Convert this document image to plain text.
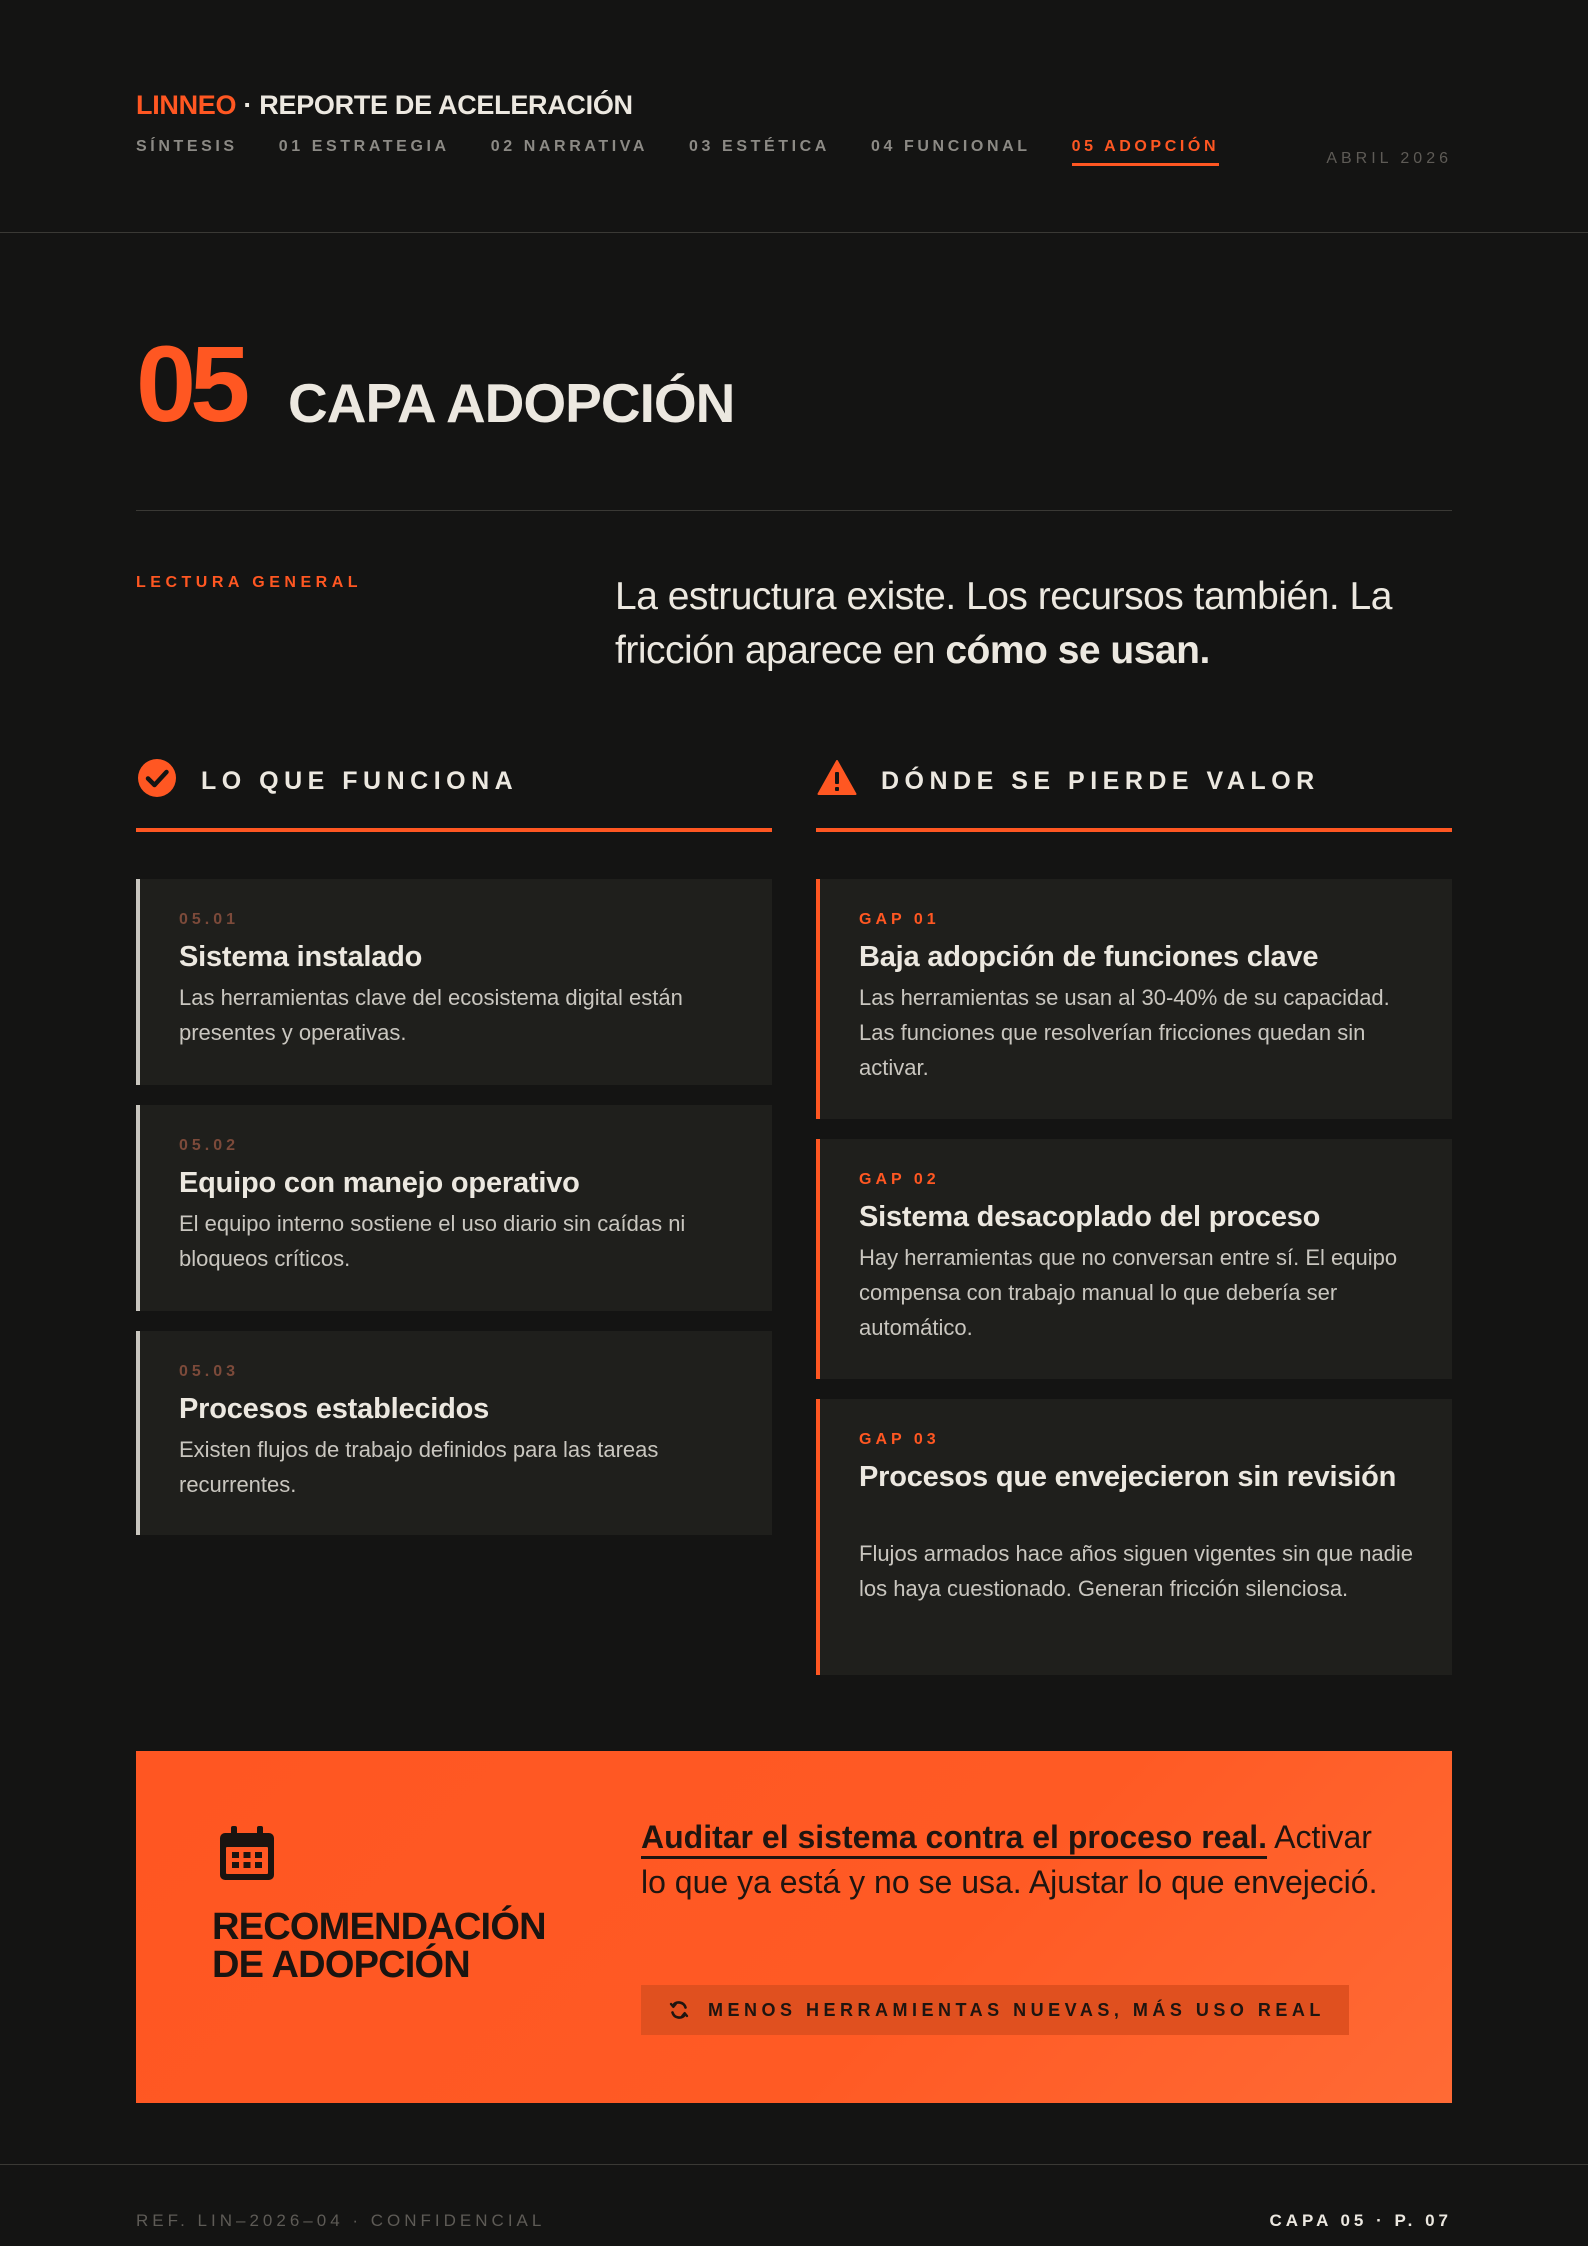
LINNEO · REPORTE DE ACELERACIÓN
SÍNTESIS	01 ESTRATEGIA	02 NARRATIVA	03 ESTÉTICA	04 FUNCIONAL	05 ADOPCIÓN
ABRIL 2026
05 CAPA ADOPCIÓN
LECTURA GENERAL	La estructura existe. Los recursos también. La fricción aparece en cómo se usan.
LO QUE FUNCIONA
05.01
Sistema instalado
Las herramientas clave del ecosistema digital están presentes y operativas.
05.02
Equipo con manejo operativo
El equipo interno sostiene el uso diario sin caídas ni bloqueos críticos.
05.03
Procesos establecidos
Existen flujos de trabajo definidos para las tareas recurrentes.
DÓNDE SE PIERDE VALOR
GAP 01
Baja adopción de funciones clave
Las herramientas se usan al 30-40% de su capacidad. Las funciones que resolverían fricciones quedan sin activar.
GAP 02
Sistema desacoplado del proceso
Hay herramientas que no conversan entre sí. El equipo compensa con trabajo manual lo que debería ser automático.
GAP 03
Procesos que envejecieron sin revisión
Flujos armados hace años siguen vigentes sin que nadie los haya cuestionado. Generan fricción silenciosa.
RECOMENDACIÓN DE ADOPCIÓN
Auditar el sistema contra el proceso real. Activar lo que ya está y no se usa. Ajustar lo que envejeció.
MENOS HERRAMIENTAS NUEVAS, MÁS USO REAL
REF. LIN–2026–04 · CONFIDENCIAL	CAPA 05 · P. 07
